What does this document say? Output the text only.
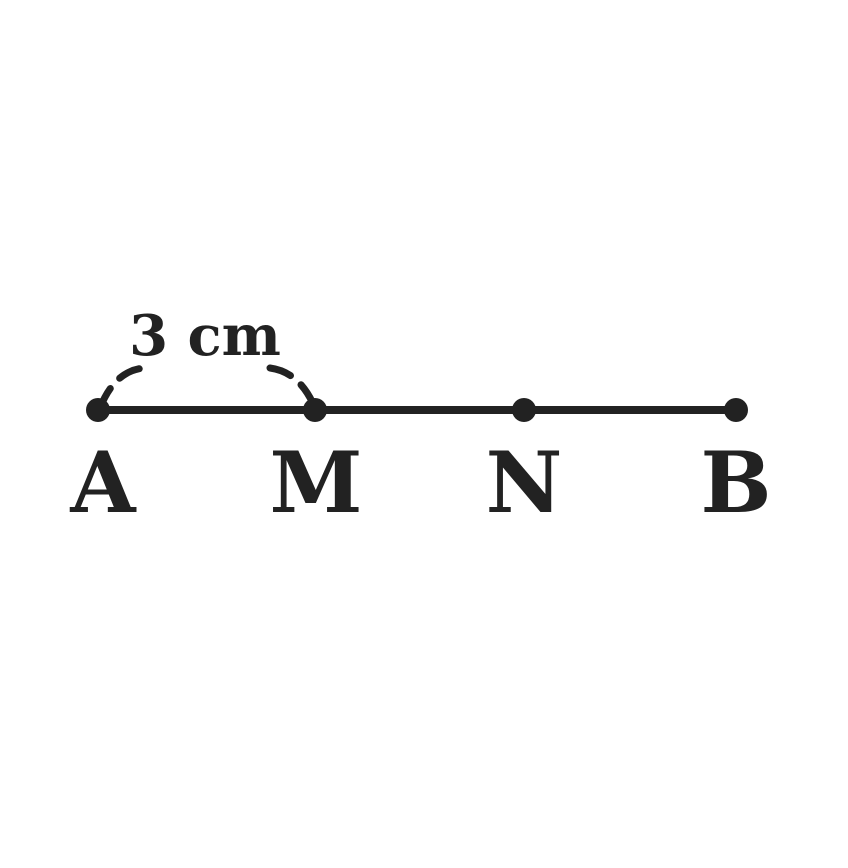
3 cm
A M N B
